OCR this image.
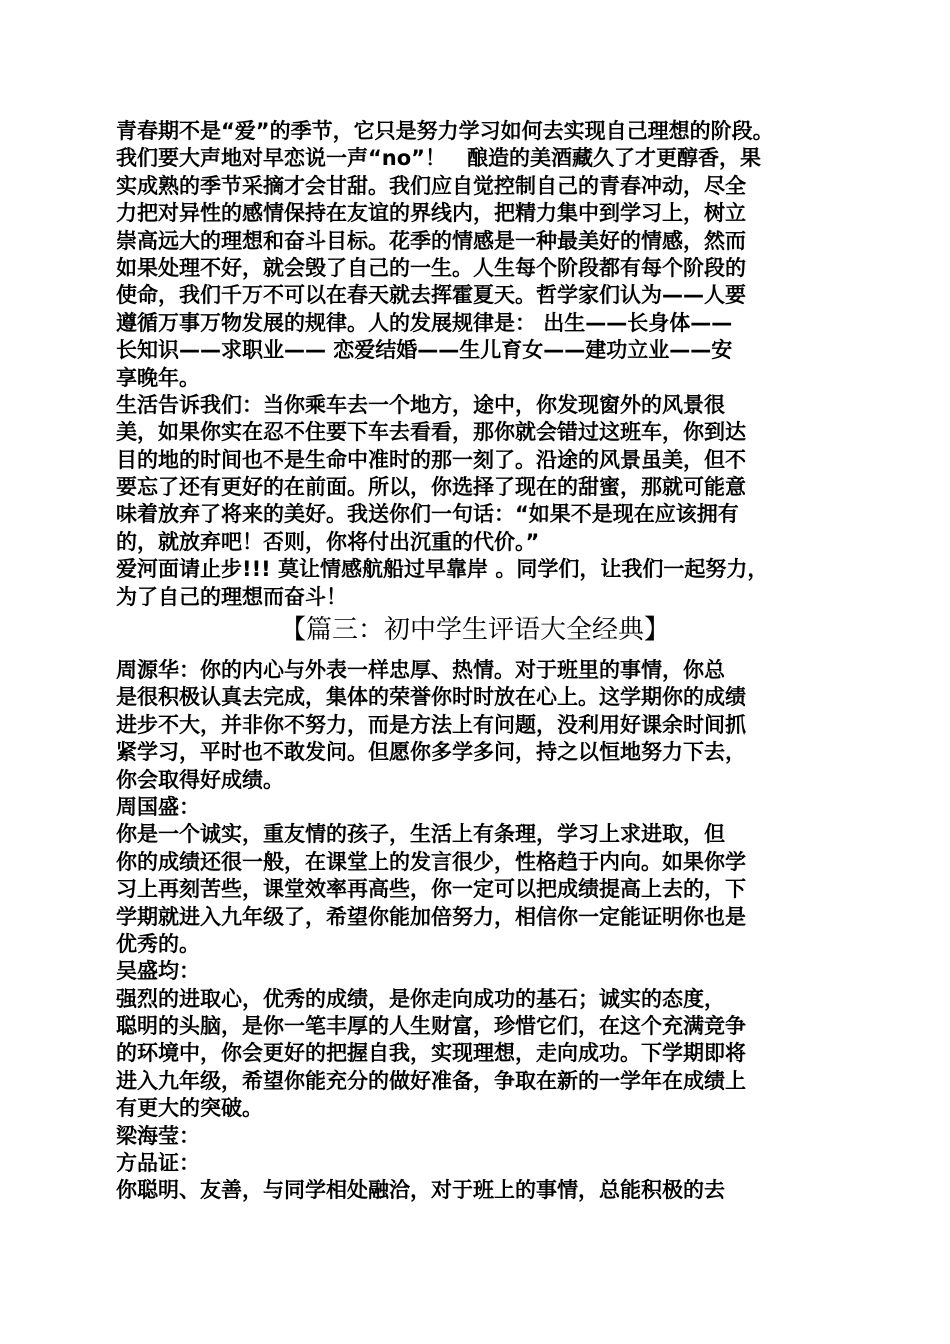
青春期不是“爱”的季节，它只是努力学习如何去实现自己理想的阶段。
我们要大声地对早恋说一声“no”！　酿造的美酒藏久了才更醇香，果
实成熟的季节采摘才会甘甜。我们应自觉控制自己的青春冲动，尽全
力把对异性的感情保持在友谊的界线内，把精力集中到学习上，树立
崇高远大的理想和奋斗目标。花季的情感是一种最美好的情感，然而
如果处理不好，就会毁了自己的一生。人生每个阶段都有每个阶段的
使命，我们千万不可以在春天就去挥霍夏天。哲学家们认为——人要
遵循万事万物发展的规律。人的发展规律是： 出生——长身体——
长知识——求职业—— 恋爱结婚——生儿育女——建功立业——安
享晚年。
生活告诉我们：当你乘车去一个地方，途中，你发现窗外的风景很
美，如果你实在忍不住要下车去看看，那你就会错过这班车，你到达
目的地的时间也不是生命中准时的那一刻了。沿途的风景虽美，但不
要忘了还有更好的在前面。所以，你选择了现在的甜蜜，那就可能意
味着放弃了将来的美好。我送你们一句话：“如果不是现在应该拥有
的，就放弃吧！否则，你将付出沉重的代价。”
爱河面请止步!!! 莫让情感航船过早靠岸 。同学们，让我们一起努力，
为了自己的理想而奋斗！
【篇三：初中学生评语大全经典】
周源华：你的内心与外表一样忠厚、热情。对于班里的事情，你总
是很积极认真去完成，集体的荣誉你时时放在心上。这学期你的成绩
进步不大，并非你不努力，而是方法上有问题，没利用好课余时间抓
紧学习，平时也不敢发问。但愿你多学多问，持之以恒地努力下去，
你会取得好成绩。
周国盛：
你是一个诚实，重友情的孩子，生活上有条理，学习上求进取，但
你的成绩还很一般，在课堂上的发言很少，性格趋于内向。如果你学
习上再刻苦些，课堂效率再高些，你一定可以把成绩提高上去的，下
学期就进入九年级了，希望你能加倍努力，相信你一定能证明你也是
优秀的。
吴盛均：
强烈的进取心，优秀的成绩，是你走向成功的基石；诚实的态度，
聪明的头脑，是你一笔丰厚的人生财富，珍惜它们，在这个充满竞争
的环境中，你会更好的把握自我，实现理想，走向成功。下学期即将
进入九年级，希望你能充分的做好准备，争取在新的一学年在成绩上
有更大的突破。
梁海莹：
方品证：
你聪明、友善，与同学相处融洽，对于班上的事情，总能积极的去
